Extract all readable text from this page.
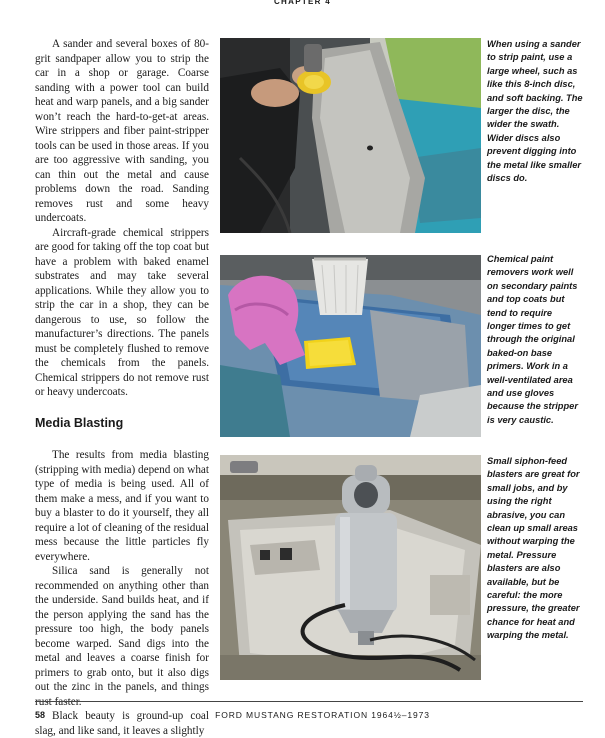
CHAPTER 4

A sander and several boxes of 80-grit sandpaper allow you to strip the car in a shop or garage. Coarse sanding with a power tool can build heat and warp panels, and a big sander won’t reach the hard-to-get-at areas. Wire strippers and fiber paint-stripper tools can be used in those areas. If you are too aggressive with sanding, you can thin out the metal and cause problems down the road. Sanding removes rust and some heavy undercoats.

Aircraft-grade chemical strippers are good for taking off the top coat but have a problem with baked enamel substrates and may take several applications. While they allow you to strip the car in a shop, they can be dangerous to use, so follow the manufacturer’s directions. The panels must be completely flushed to remove the chemicals from the panels. Chemical strippers do not remove rust or heavy undercoats.

Media Blasting

The results from media blasting (stripping with media) depend on what type of media is being used. All of them make a mess, and if you want to buy a blaster to do it yourself, they all require a lot of cleaning of the residual mess because the little particles fly everywhere.

Silica sand is generally not recommended on anything other than the underside. Sand builds heat, and if the person applying the sand has the pressure too high, the body panels become warped. Sand digs into the metal and leaves a coarse finish for primers to grab onto, but it also digs out the zinc in the panels, and things rust faster.

Black beauty is ground-up coal slag, and like sand, it leaves a slightly

When using a sander to strip paint, use a large wheel, such as like this 8-inch disc, and soft backing. The larger the disc, the wider the swath. Wider discs also prevent digging into the metal like smaller discs do.
Chemical paint removers work well on secondary paints and top coats but tend to require longer times to get through the original baked-on base primers. Work in a well-ventilated area and use gloves because the stripper is very caustic.
Small siphon-feed blasters are great for small jobs, and by using the right abrasive, you can clean up small areas without warping the metal. Pressure blasters are also available, but be careful: the more pressure, the greater chance for heat and warping the metal.
58	FORD MUSTANG RESTORATION 1964½–1973
